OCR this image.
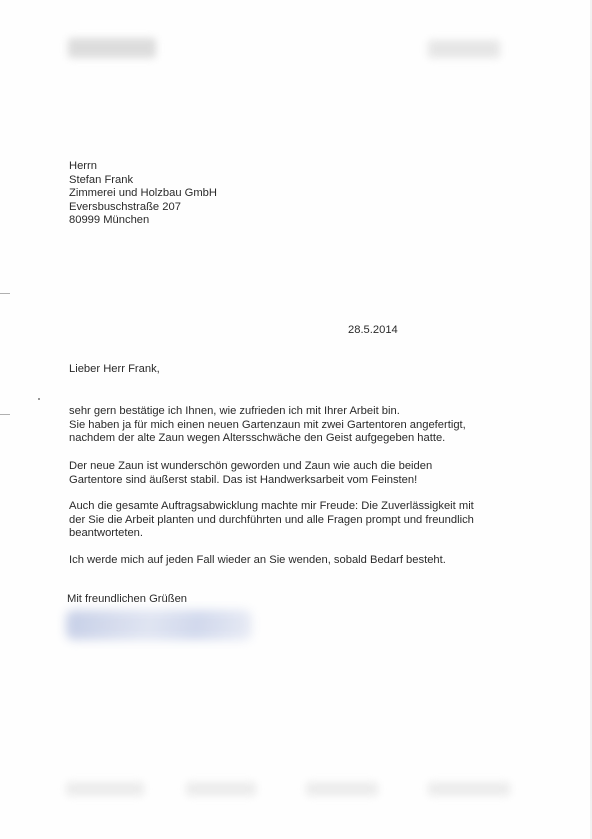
Herrn
Stefan Frank
Zimmerei und Holzbau GmbH
Eversbuschstraße 207
80999 München
28.5.2014
Lieber Herr Frank,
sehr gern bestätige ich Ihnen, wie zufrieden ich mit Ihrer Arbeit bin.
Sie haben ja für mich einen neuen Gartenzaun mit zwei Gartentoren angefertigt,
nachdem der alte Zaun wegen Altersschwäche den Geist aufgegeben hatte.
Der neue Zaun ist wunderschön geworden und Zaun wie auch die beiden
Gartentore sind äußerst stabil. Das ist Handwerksarbeit vom Feinsten!
Auch die gesamte Auftragsabwicklung machte mir Freude: Die Zuverlässigkeit mit
der Sie die Arbeit planten und durchführten und alle Fragen prompt und freundlich
beantworteten.
Ich werde mich auf jeden Fall wieder an Sie wenden, sobald Bedarf besteht.
Mit freundlichen Grüßen
